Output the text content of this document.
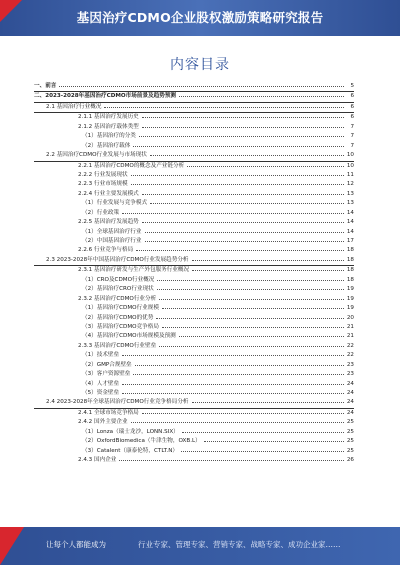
基因治疗CDMO企业股权激励策略研究报告
内容目录
一、前言	5
二、2023-2028年基因治疗CDMO市场前景及趋势预测	6
2.1 基因治疗行业概况	6
2.1.1 基因治疗发展历史	6
2.1.2 基因治疗载体类型	7
（1）基因治疗的分类	7
（2）基因治疗载体	7
2.2 基因治疗CDMO行业发展与市场现状	10
2.2.1 基因治疗CDMO的概念及产业链分析	10
2.2.2 行业发展现状	11
2.2.3 行业市场规模	12
2.2.4 行业主要发展模式	13
（1）行业发展与竞争模式	13
（2）行业政策	14
2.2.5 基因治疗发展趋势	14
（1）全球基因治疗行业	14
（2）中国基因治疗行业	17
2.2.6 行业竞争与格局	18
2.3 2023-2028年中国基因治疗CDMO行业发展趋势分析	18
2.3.1 基因治疗研发与生产外包服务行业概况	18
（1）CRO及CDMO行业概况	18
（2）基因治疗CRO行业现状	19
2.3.2 基因治疗CDMO行业分析	19
（1）基因治疗CDMO行业规模	19
（2）基因治疗CDMO的优势	20
（3）基因治疗CDMO竞争格局	21
（4）基因治疗CDMO市场规模及预测	21
2.3.3 基因治疗CDMO行业壁垒	22
（1）技术壁垒	22
（2）GMP合规壁垒	23
（3）客户资源壁垒	23
（4）人才壁垒	24
（5）资金壁垒	24
2.4 2023-2028年全球基因治疗CDMO行业竞争格局分析	24
2.4.1 全球市场竞争格局	24
2.4.2 国外主要企业	25
（1）Lonza（瑞士龙沙，LONN.SIX）	25
（2）OxfordBiomedica（牛津生物，OXB.L）	25
（3）Catalent（康泰伦特，CTLT.N）	25
2.4.3 国内企业	26
让每个人都能成为	行业专家、管理专家、营销专家、战略专家、成功企业家……
